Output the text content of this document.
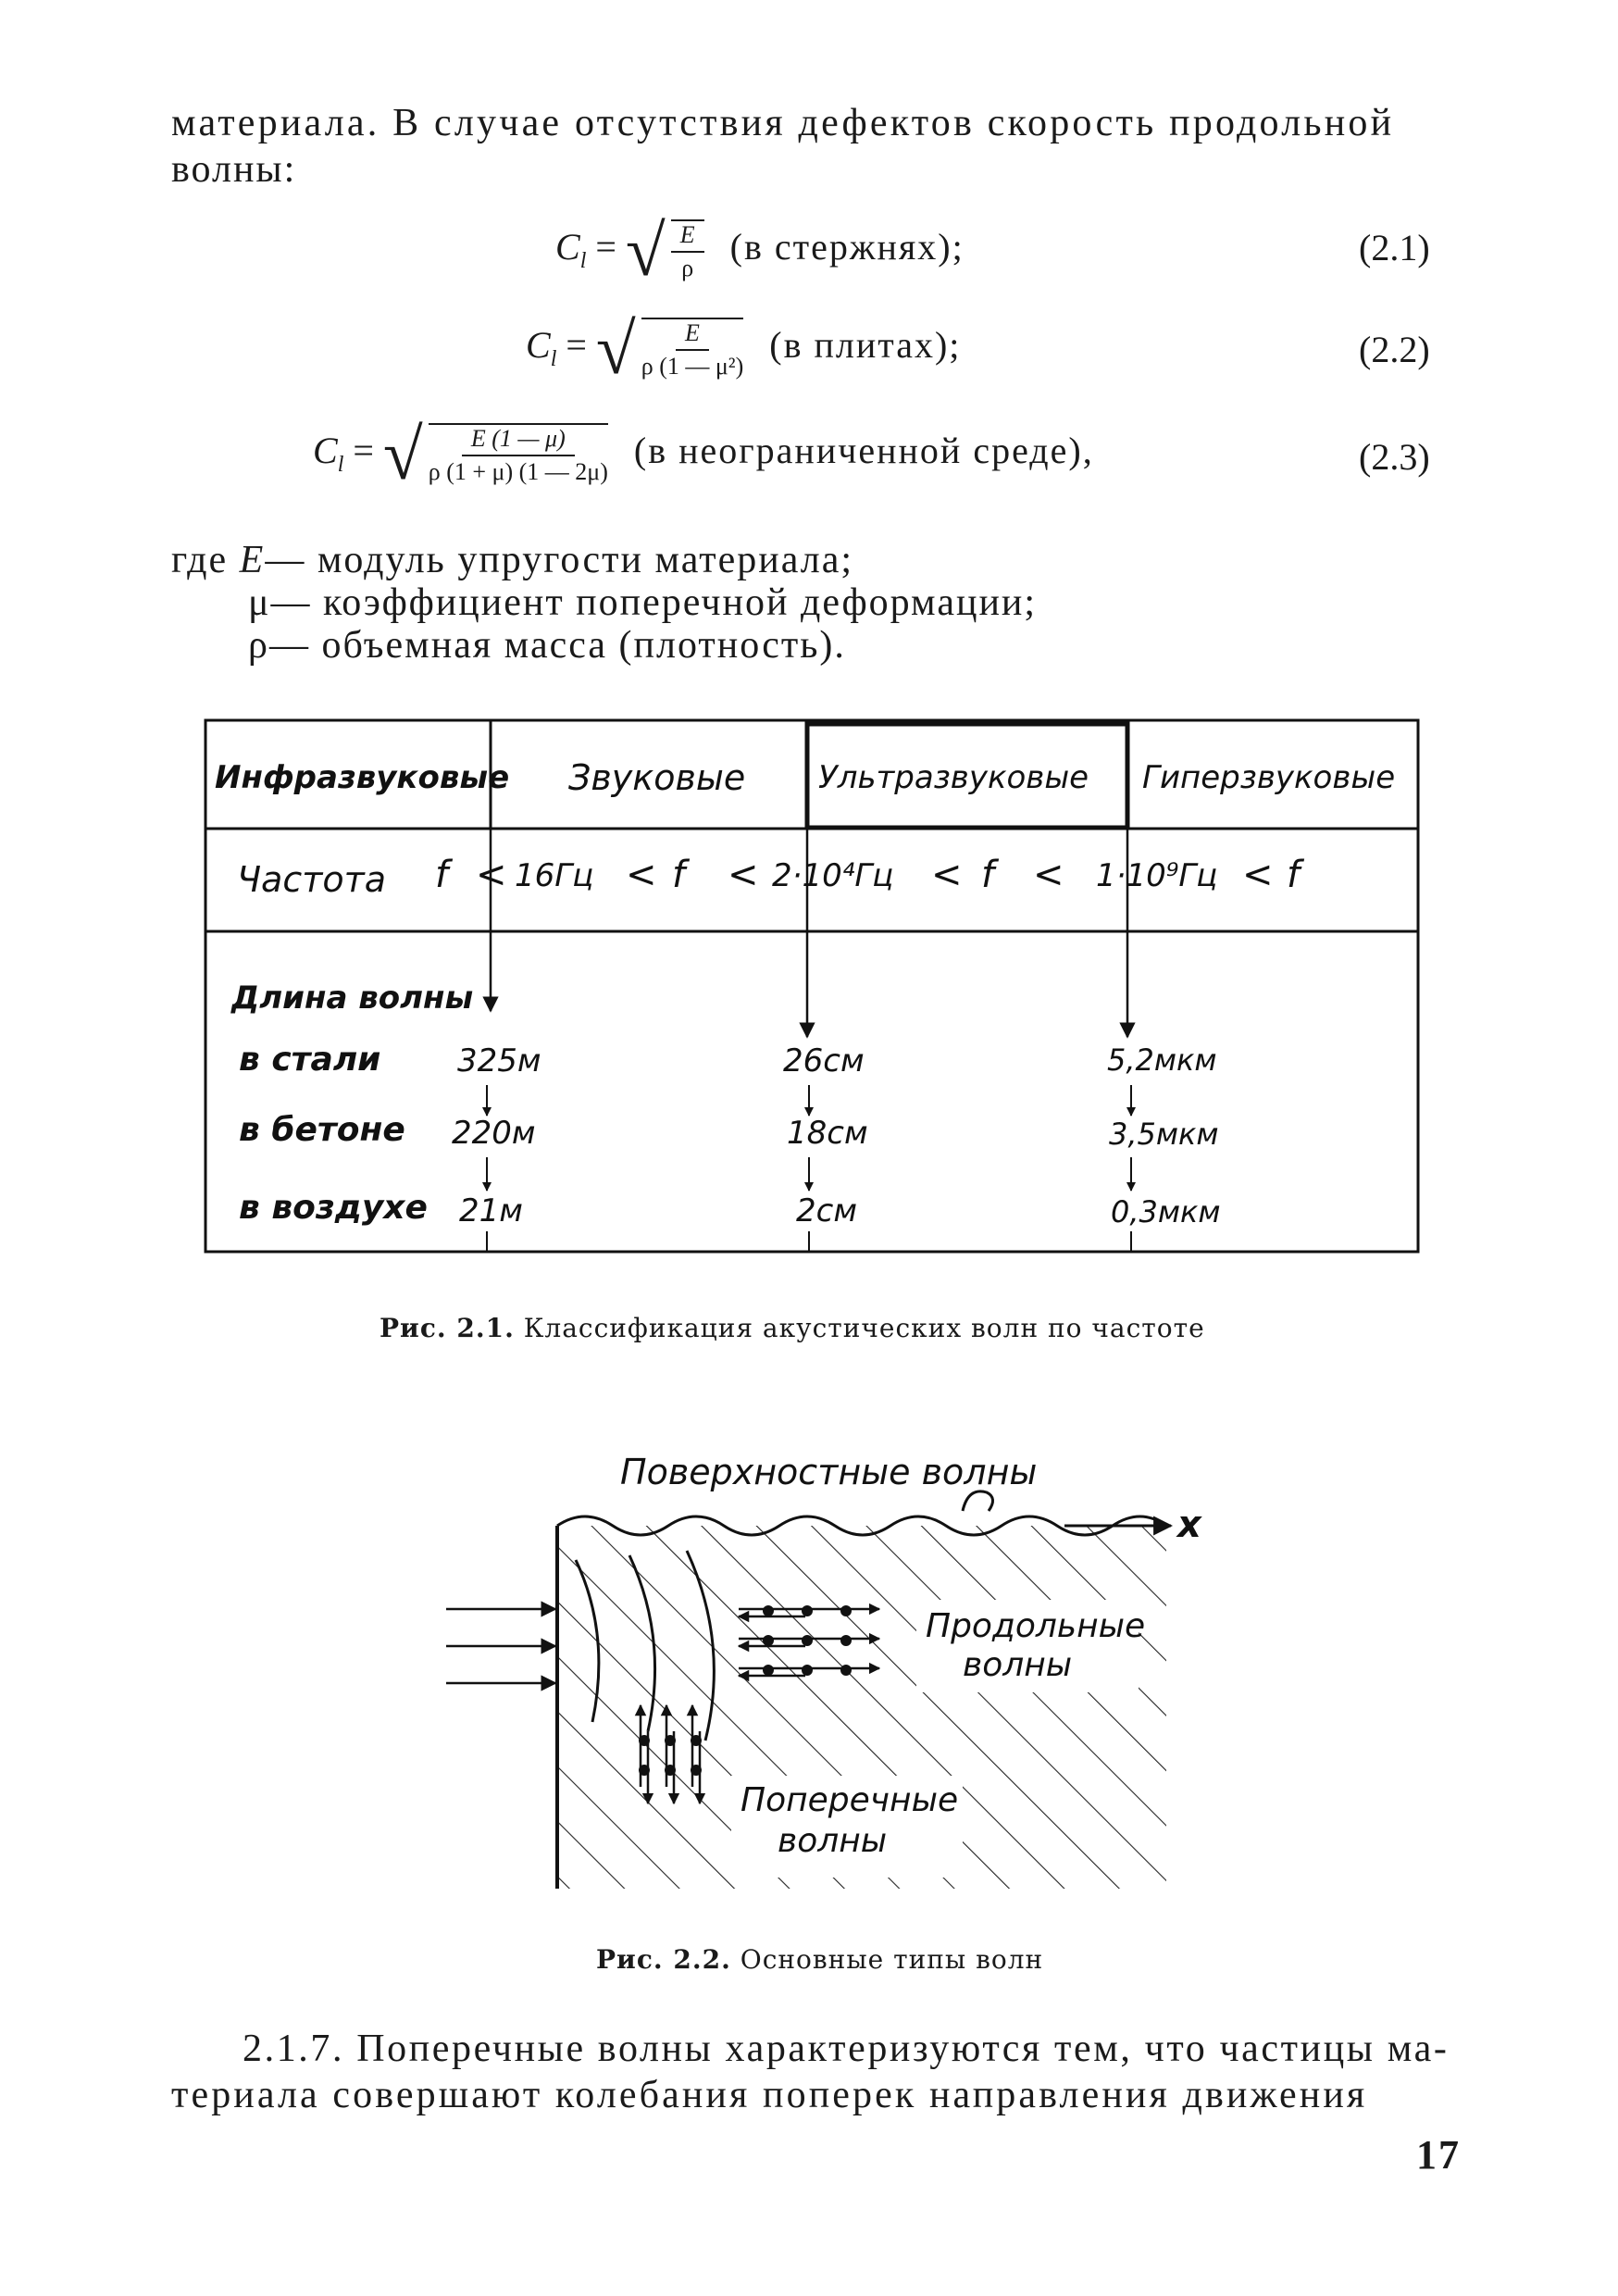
материала. В случае отсутствия дефектов скорость продольной
волны:
$C_l$ = √ $\frac{E}{\rho} (в$ стержнях);	(2.1)
$C_l$ = √ $\frac{E}{\text{ρ (1 — μ²)}} (в$ плитах);	(2.2)
$C_l$ = √ $\frac{E (1 — \mu)}{\rho (1 + \mu) (1 — 2\mu)} (в$ неограниченной среде),	(2.3)
где E— модуль упругости материала;
μ— коэффициент поперечной деформации;
ρ— объемная масса (плотность).
Инфразвуковые Звуковые Ультразвуковые Гиперзвуковые
Частота f < 16Гц < f < 2·10⁴Гц < f < 1·10⁹Гц < f
Длина волны
в стали 325м	26см	5,2мкм
в бетоне 220м	18см	3,5мкм
в воздухе 21м	2см	0,3мкм
Рис. 2.1. Классификация акустических волн по частоте
Поверхностные волны
x
Продольные
волны
Поперечные
волны
Рис. 2.2. Основные типы волн
2.1.7. Поперечные волны характеризуются тем, что частицы ма-
териала совершают колебания поперек направления движения
17
